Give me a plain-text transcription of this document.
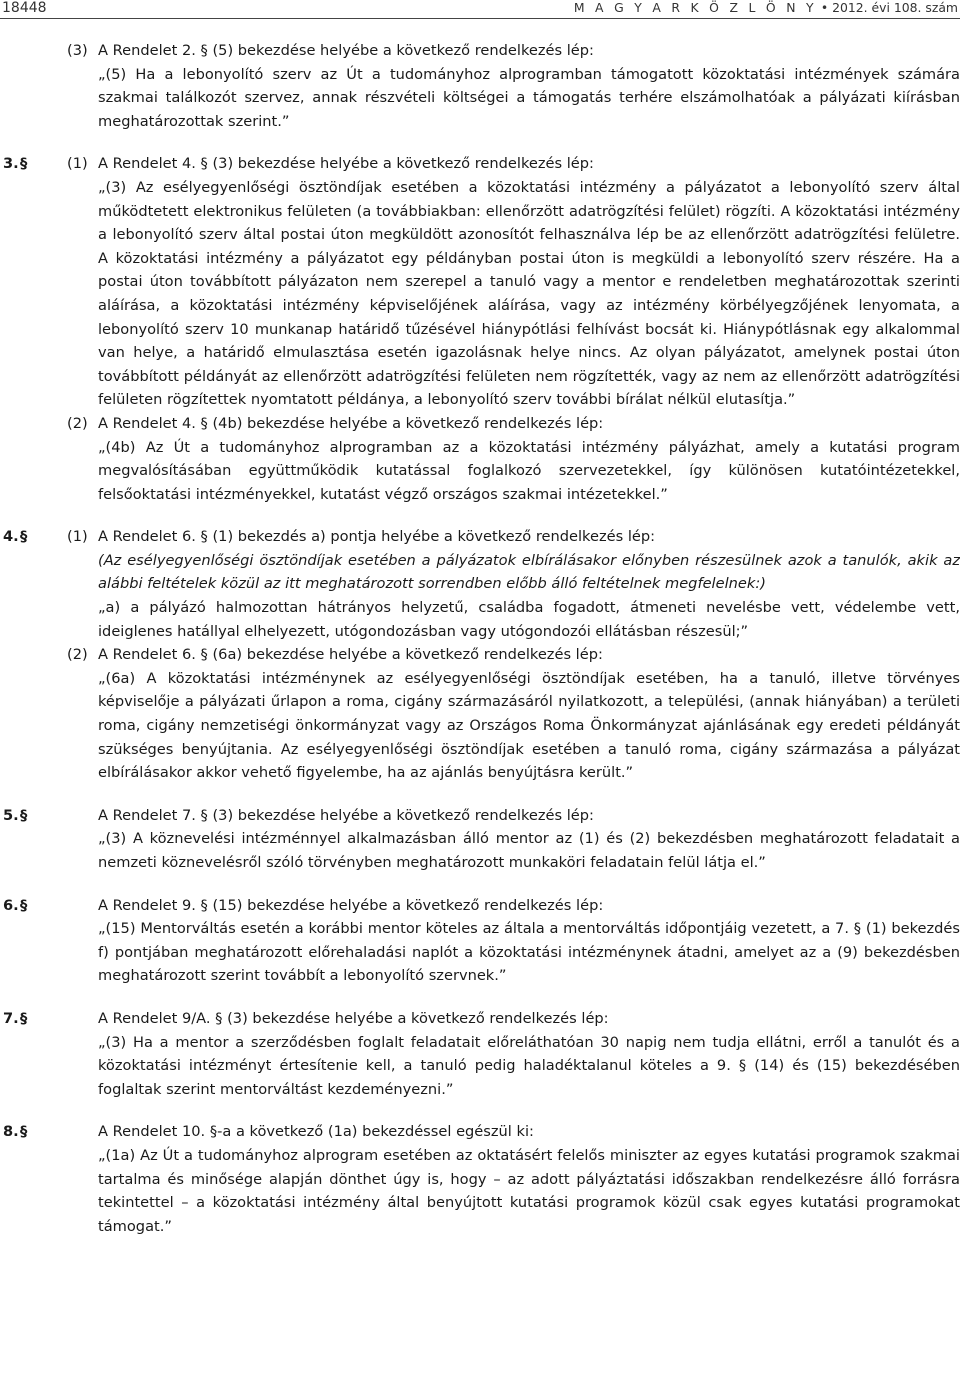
18448	M A G Y A R K Ö Z L Ö N Y • 2012. évi 108. szám
(3) A Rendelet 2. § (5) bekezdése helyébe a következő rendelkezés lép:
„(5) Ha a lebonyolító szerv az Út a tudományhoz alprogramban támogatott közoktatási intézmények számára szakmai találkozót szervez, annak részvételi költségei a támogatás terhére elszámolhatóak a pályázati kiírásban meghatározottak szerint.”
3. §	(1) A Rendelet 4. § (3) bekezdése helyébe a következő rendelkezés lép:
„(3) Az esélyegyenlőségi ösztöndíjak esetében a közoktatási intézmény a pályázatot a lebonyolító szerv által működtetett elektronikus felületen (a továbbiakban: ellenőrzött adatrögzítési felület) rögzíti. A közoktatási intézmény a lebonyolító szerv által postai úton megküldött azonosítót felhasználva lép be az ellenőrzött adatrögzítési felületre. A közoktatási intézmény a pályázatot egy példányban postai úton is megküldi a lebonyolító szerv részére. Ha a postai úton továbbított pályázaton nem szerepel a tanuló vagy a mentor e rendeletben meghatározottak szerinti aláírása, a közoktatási intézmény képviselőjének aláírása, vagy az intézmény körbélyegzőjének lenyomata, a lebonyolító szerv 10 munkanap határidő tűzésével hiánypótlási felhívást bocsát ki. Hiánypótlásnak egy alkalommal van helye, a határidő elmulasztása esetén igazolásnak helye nincs. Az olyan pályázatot, amelynek postai úton továbbított példányát az ellenőrzött adatrögzítési felületen nem rögzítették, vagy az nem az ellenőrzött adatrögzítési felületen rögzítettek nyomtatott példánya, a lebonyolító szerv további bírálat nélkül elutasítja.”
(2) A Rendelet 4. § (4b) bekezdése helyébe a következő rendelkezés lép:
„(4b) Az Út a tudományhoz alprogramban az a közoktatási intézmény pályázhat, amely a kutatási program megvalósításában együttműködik kutatással foglalkozó szervezetekkel, így különösen kutatóintézetekkel, felsőoktatási intézményekkel, kutatást végző országos szakmai intézetekkel.”
4. §	(1) A Rendelet 6. § (1) bekezdés a) pontja helyébe a következő rendelkezés lép:
(Az esélyegyenlőségi ösztöndíjak esetében a pályázatok elbírálásakor előnyben részesülnek azok a tanulók, akik az alábbi feltételek közül az itt meghatározott sorrendben előbb álló feltételnek megfelelnek:)
„a) a pályázó halmozottan hátrányos helyzetű, családba fogadott, átmeneti nevelésbe vett, védelembe vett, ideiglenes hatállyal elhelyezett, utógondozásban vagy utógondozói ellátásban részesül;”
(2) A Rendelet 6. § (6a) bekezdése helyébe a következő rendelkezés lép:
„(6a) A közoktatási intézménynek az esélyegyenlőségi ösztöndíjak esetében, ha a tanuló, illetve törvényes képviselője a pályázati űrlapon a roma, cigány származásáról nyilatkozott, a települési, (annak hiányában) a területi roma, cigány nemzetiségi önkormányzat vagy az Országos Roma Önkormányzat ajánlásának egy eredeti példányát szükséges benyújtania. Az esélyegyenlőségi ösztöndíjak esetében a tanuló roma, cigány származása a pályázat elbírálásakor akkor vehető figyelembe, ha az ajánlás benyújtásra került.”
5. §	A Rendelet 7. § (3) bekezdése helyébe a következő rendelkezés lép:
„(3) A köznevelési intézménnyel alkalmazásban álló mentor az (1) és (2) bekezdésben meghatározott feladatait a nemzeti köznevelésről szóló törvényben meghatározott munkaköri feladatain felül látja el.”
6. §	A Rendelet 9. § (15) bekezdése helyébe a következő rendelkezés lép:
„(15) Mentorváltás esetén a korábbi mentor köteles az általa a mentorváltás időpontjáig vezetett, a 7. § (1) bekezdés f) pontjában meghatározott előrehaladási naplót a közoktatási intézménynek átadni, amelyet az a (9) bekezdésben meghatározott szerint továbbít a lebonyolító szervnek.”
7. §	A Rendelet 9/A. § (3) bekezdése helyébe a következő rendelkezés lép:
„(3) Ha a mentor a szerződésben foglalt feladatait előreláthatóan 30 napig nem tudja ellátni, erről a tanulót és a közoktatási intézményt értesítenie kell, a tanuló pedig haladéktalanul köteles a 9. § (14) és (15) bekezdésében foglaltak szerint mentorváltást kezdeményezni.”
8. §	A Rendelet 10. §-a a következő (1a) bekezdéssel egészül ki:
„(1a) Az Út a tudományhoz alprogram esetében az oktatásért felelős miniszter az egyes kutatási programok szakmai tartalma és minősége alapján dönthet úgy is, hogy – az adott pályáztatási időszakban rendelkezésre álló forrásra tekintettel – a közoktatási intézmény által benyújtott kutatási programok közül csak egyes kutatási programokat támogat.”
